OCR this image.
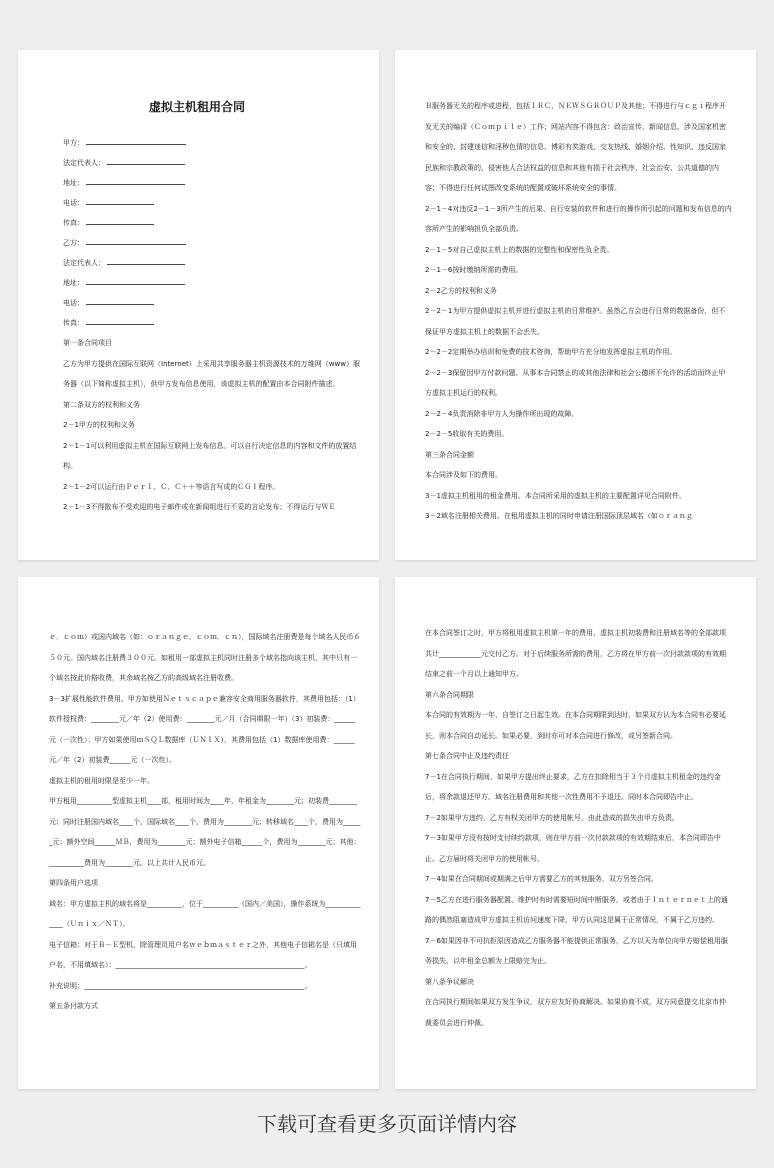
虚拟主机租用合同
甲方：
法定代表人：
地址：
电话：
传真：
乙方：
法定代表人：
地址：
电话：
传真：

第一条合同项目

乙方为甲方提供在国际互联网（Internet）上采用共享服务器主机资源技术的万维网（www）服务器（以下简称虚拟主机），供甲方发布信息使用，该虚拟主机的配置由本合同附件描述。

第二条双方的权利和义务

2－1甲方的权利和义务

2－1－1可以利用虚拟主机在国际互联网上发布信息。可以自行决定信息的内容和文件的放置结构。

2－1－2可以运行由Ｐｅｒｌ、Ｃ、Ｃ＋＋等语言写成的ＣＧＩ程序。

2－1－3不得散布不受欢迎的电子邮件或在新闻组进行不妥的言论发布；不得运行与ＷＥ

Ｂ服务器无关的程序或进程，包括ＩＲＣ、ＮＥＷＳＧＲＯＵＰ及其他；不得进行与ｃｇｉ程序开发无关的编译（Ｃｏｍｐｉｌｅ）工作；网站内容不得包含：政治宣传、新闻信息、涉及国家机密和安全的、封建迷信和淫秽色情的信息、博彩有奖游戏、交友热线、婚姻介绍、性知识、违反国家民族和宗教政策的、侵害他人合法权益的信息和其他有损于社会秩序、社会治安、公共道德的内容；不得进行任何试图改变系统的配置或破坏系统安全的事情。

2－1－4对违反2－1－3所产生的后果、自行安装的软件和进行的操作所引起的问题和发布信息的内容所产生的影响担负全部负责。

2－1－5对自己虚拟主机上的数据的完整性和保密性负全责。

2－1－6按时缴纳所需的费用。

2－2乙方的权利和义务

2－2－1为甲方提供虚拟主机并进行虚拟主机的日常维护。虽然乙方会进行日常的数据备份，但不保证甲方虚拟主机上的数据不会丢失。

2－2－2定期举办培训和免费的技术咨询，帮助甲方充分地发挥虚拟主机的作用。

2－2－3保留因甲方付款问题、从事本合同禁止的或其他法律和社会公德所不允许的活动而终止甲方虚拟主机运行的权利。

2－2－4负责消除非甲方人为操作所出现的故障。

2－2－5收取有关的费用。

第三条合同金额

本合同涉及如下的费用。

3－1虚拟主机租用的租金费用。本合同所采用的虚拟主机的主要配置详见合同附件。

3－2域名注册相关费用。在租用虚拟主机的同时申请注册国际顶层域名（如ｏｒａｎｇ

ｅ．ｃｏｍ）或国内域名（如：ｏｒａｎｇｅ．ｃｏｍ．ｃｎ），国际域名注册费是每个域名人民币６５０元。国内域名注册费３００元。如租用一部虚拟主机同时注册多个域名指向该主机，其中只有一个域名按此价格收费，其余域名按乙方的高级域名注册收费。

3－3扩展性能软件费用。甲方如使用Ｎｅｔｓｃａｐｅ兼容安全商用服务器软件，其费用包括：（1）软件授权费：________元／年（2）使用费：________元／月（合同期限一年）（3）初装费：______元（一次性）；甲方如果使用ｍＳＱＬ数据库（ＵＮＩＸ），其费用包括（1）数据库使用费：______元／年（2）初装费______元（一次性）。

虚拟主机的租用时限是至少一年。

甲方租用__________型虚拟主机____部，租用时间为____年，年租金为________元；初装费________元；同时注册国内域名____个，国际域名____个，费用为________元；转移域名____个，费用为______元；额外空间______ＭＢ，费用为________元；额外电子信箱______个，费用为________元；其他：__________费用为________元。以上共计人民币元。

第四条用户选项

域名：甲方虚拟主机的域名将是__________，位于__________（国内／美国），操作系统为______________（Ｕｎｉｘ／ＮＴ）。

电子信箱：对于Ｂ－Ｅ型机，除管理员用户名ｗｅｂｍａｓｔｅｒ之外，其他电子信箱名是（只填用户名，不用填域名）：______________________________________________________。

补充说明：_______________________________________________________________。

第五条付款方式

在本合同签订之时，甲方将租用虚拟主机第一年的费用、虚拟主机初装费和注册域名等的全部款项共计____________元交付乙方。对于后续服务所需的费用，乙方将在甲方前一次付款款项的有效期结束之前一个月以上通知甲方。

第六条合同期限

本合同的有效期为一年，自签订之日起生效。在本合同期限到达时，如果双方认为本合同有必要延长，则本合同自动延长。如果必要，到时亦可对本合同进行修改，或另签新合同。

第七条合同中止及违约责任

7－1在合同执行期间，如果甲方提出终止要求，乙方在扣除相当于３个月虚拟主机租金的违约金后，将余款退还甲方。域名注册费用和其他一次性费用不予退还。同时本合同即告中止。

7－2如果甲方违约，乙方有权关闭甲方的使用帐号，由此造成的损失由甲方负责。

7－3如果甲方没有按时支付续约款项，则在甲方前一次付款款项的有效期结束后，本合同即告中止。乙方届时将关闭甲方的使用帐号。

7－4如果在合同期间或期满之后甲方需要乙方的其他服务，双方另签合同。

7－5乙方在进行服务器配置、维护时有时需要短时间中断服务，或者由于Ｉｎｔｅｒｎｅｔ上的通路的偶然阻塞造成甲方虚拟主机访问速度下降，甲方认同这是属于正常情况，不属于乙方违约。

7－6如果因非不可抗拒原因造成乙方服务器不能提供正常服务，乙方以天为单位向甲方赔偿租用服务损失，以年租金总额为上限赔完为止。

第八条争议解决

在合同执行期间如果双方发生争议，双方应友好协商解决。如果协商不成，双方同意提交北京市仲裁委员会进行仲裁。

下载可查看更多页面详情内容
